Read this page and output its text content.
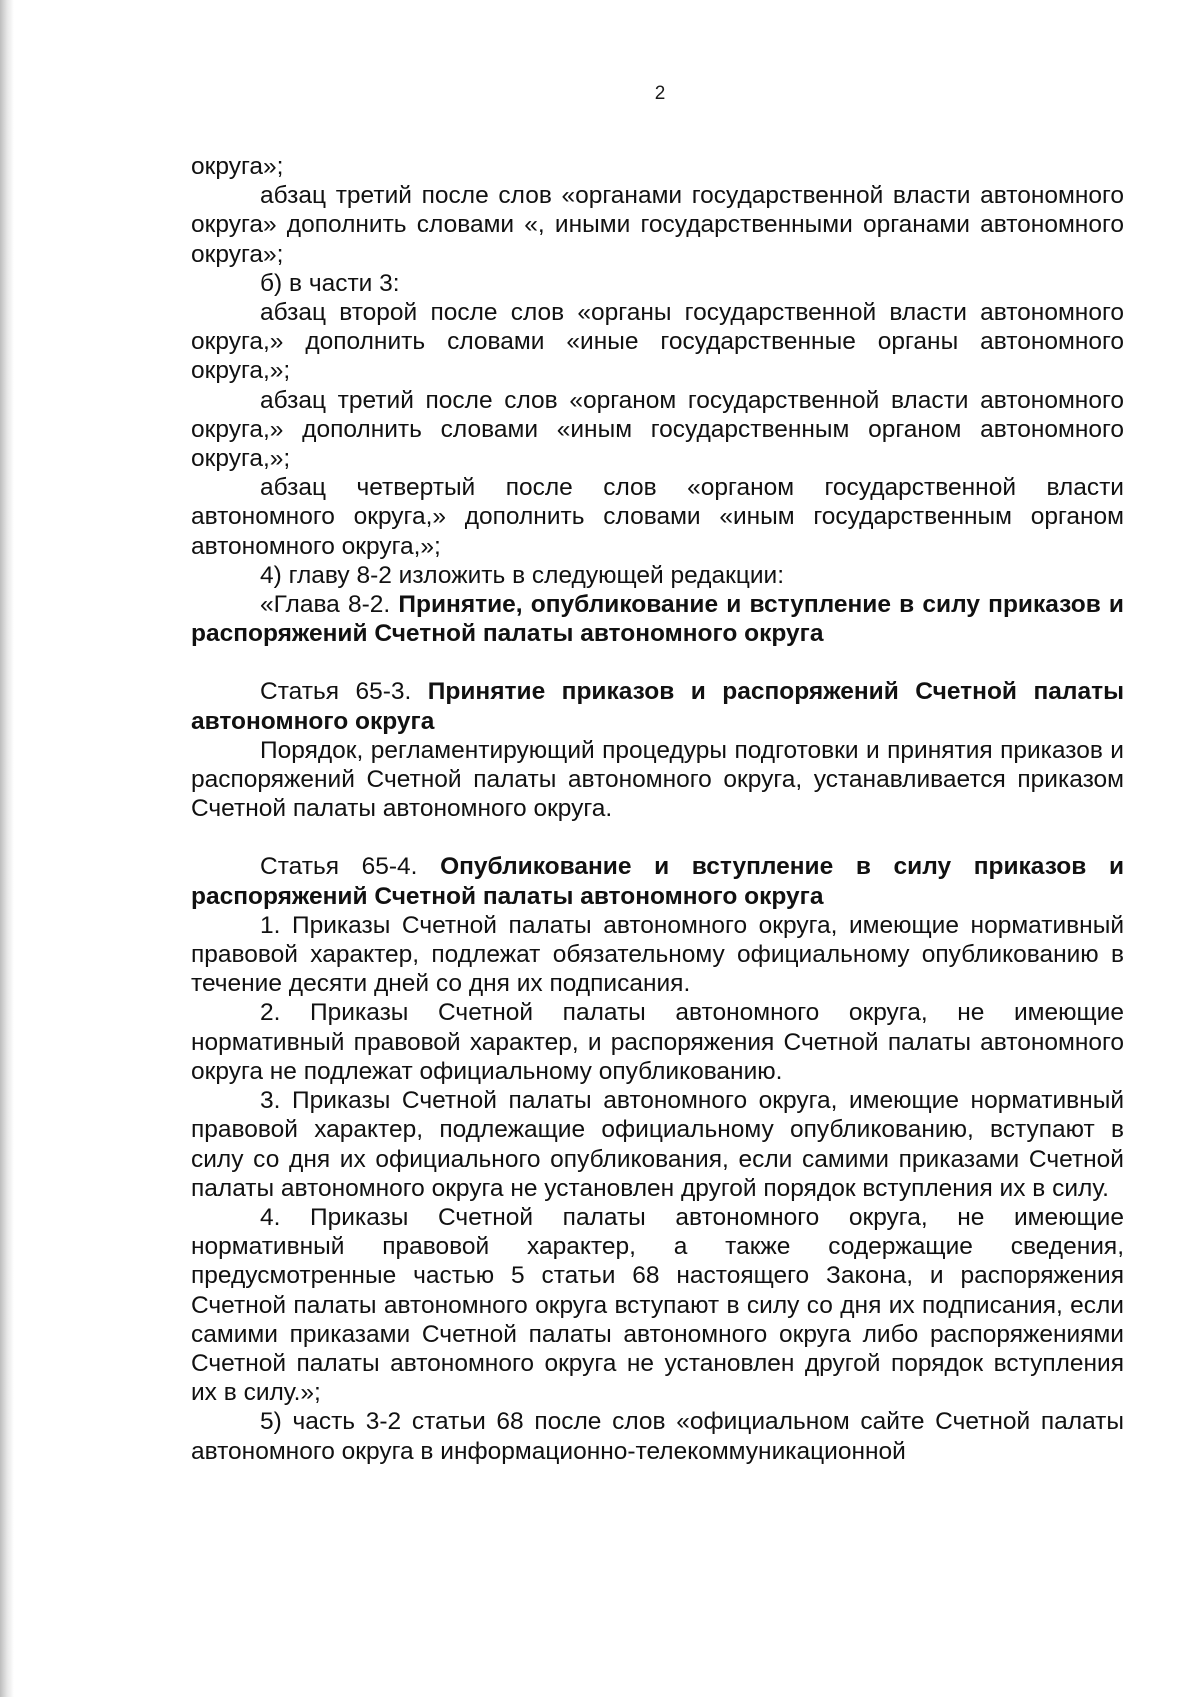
2

округа»;

абзац третий после слов «органами государственной власти автономного округа» дополнить словами «, иными государственными органами автономного округа»;

б) в части 3:

абзац второй после слов «органы государственной власти автономного округа,» дополнить словами «иные государственные органы автономного округа,»;

абзац третий после слов «органом государственной власти автономного округа,» дополнить словами «иным государственным органом автономного округа,»;

абзац четвертый после слов «органом государственной власти автономного округа,» дополнить словами «иным государственным органом автономного округа,»;

4) главу 8-2 изложить в следующей редакции:

«Глава 8-2. Принятие, опубликование и вступление в силу приказов и распоряжений Счетной палаты автономного округа

Статья 65-3. Принятие приказов и распоряжений Счетной палаты автономного округа

Порядок, регламентирующий процедуры подготовки и принятия приказов и распоряжений Счетной палаты автономного округа, устанавливается приказом Счетной палаты автономного округа.

Статья 65-4. Опубликование и вступление в силу приказов и распоряжений Счетной палаты автономного округа

1. Приказы Счетной палаты автономного округа, имеющие нормативный правовой характер, подлежат обязательному официальному опубликованию в течение десяти дней со дня их подписания.

2. Приказы Счетной палаты автономного округа, не имеющие нормативный правовой характер, и распоряжения Счетной палаты автономного округа не подлежат официальному опубликованию.

3. Приказы Счетной палаты автономного округа, имеющие нормативный правовой характер, подлежащие официальному опубликованию, вступают в силу со дня их официального опубликования, если самими приказами Счетной палаты автономного округа не установлен другой порядок вступления их в силу.

4. Приказы Счетной палаты автономного округа, не имеющие нормативный правовой характер, а также содержащие сведения, предусмотренные частью 5 статьи 68 настоящего Закона, и распоряжения Счетной палаты автономного округа вступают в силу со дня их подписания, если самими приказами Счетной палаты автономного округа либо распоряжениями Счетной палаты автономного округа не установлен другой порядок вступления их в силу.»;

5) часть 3-2 статьи 68 после слов «официальном сайте Счетной палаты автономного округа в информационно-телекоммуникационной
